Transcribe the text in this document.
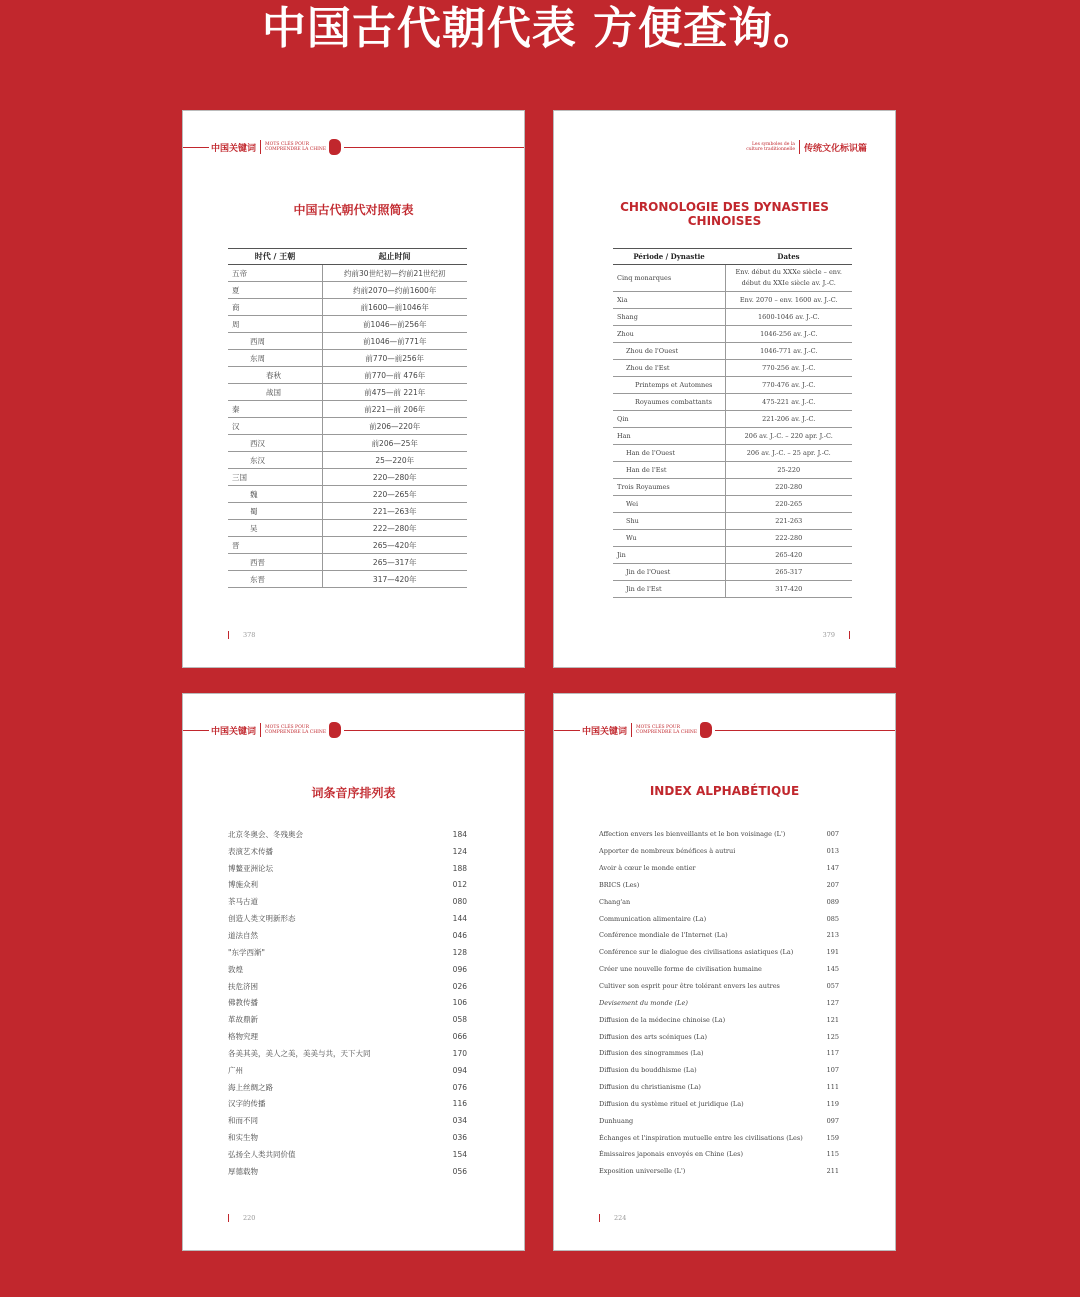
中国古代朝代表 方便查询。
中国关键词 MOTS CLÉS POUR
COMPRENDRE LA CHINE
中国古代朝代对照简表
时代 / 王朝	起止时间
五帝	约前30世纪初—约前21世纪初
夏	约前2070—约前1600年
商	前1600—前1046年
周	前1046—前256年
西周	前1046—前771年
东周	前770—前256年
春秋	前770—前 476年
战国	前475—前 221年
秦	前221—前 206年
汉	前206—220年
西汉	前206—25年
东汉	25—220年
三国	220—280年
魏	220—265年
蜀	221—263年
吴	222—280年
晋	265—420年
西晋	265—317年
东晋	317—420年
378
Les symboles de la
culture traditionnelle 传统文化标识篇
CHRONOLOGIE DES DYNASTIES
CHINOISES
Période / Dynastie	Dates
Cinq monarques	Env. début du XXXe siècle – env. début du XXIe siècle av. J.-C.
Xia	Env. 2070 – env. 1600 av. J.-C.
Shang	1600-1046 av. J.-C.
Zhou	1046-256 av. J.-C.
Zhou de l'Ouest	1046-771 av. J.-C.
Zhou de l'Est	770-256 av. J.-C.
Printemps et Automnes	770-476 av. J.-C.
Royaumes combattants	475-221 av. J.-C.
Qin	221-206 av. J.-C.
Han	206 av. J.-C. – 220 apr. J.-C.
Han de l'Ouest	206 av. J.-C. – 25 apr. J.-C.
Han de l'Est	25-220
Trois Royaumes	220-280
Wei	220-265
Shu	221-263
Wu	222-280
Jin	265-420
Jin de l'Ouest	265-317
Jin de l'Est	317-420
379
中国关键词 MOTS CLÉS POUR
COMPRENDRE LA CHINE
词条音序排列表
北京冬奥会、冬残奥会	184
表演艺术传播	124
博鳌亚洲论坛	188
博施众利	012
茶马古道	080
创造人类文明新形态	144
道法自然	046
"东学西渐"	128
敦煌	096
扶危济困	026
佛教传播	106
革故鼎新	058
格物究理	066
各美其美，美人之美，美美与共，天下大同	170
广州	094
海上丝绸之路	076
汉字的传播	116
和而不同	034
和实生物	036
弘扬全人类共同价值	154
厚德载物	056
220
中国关键词 MOTS CLÉS POUR
COMPRENDRE LA CHINE
INDEX ALPHABÉTIQUE
Affection envers les bienveillants et le bon voisinage (L')	007
Apporter de nombreux bénéfices à autrui	013
Avoir à cœur le monde entier	147
BRICS (Les)	207
Chang'an	089
Communication alimentaire (La)	085
Conférence mondiale de l'Internet (La)	213
Conférence sur le dialogue des civilisations asiatiques (La)	191
Créer une nouvelle forme de civilisation humaine	145
Cultiver son esprit pour être tolérant envers les autres	057
Devisement du monde (Le)	127
Diffusion de la médecine chinoise (La)	121
Diffusion des arts scéniques (La)	125
Diffusion des sinogrammes (La)	117
Diffusion du bouddhisme (La)	107
Diffusion du christianisme (La)	111
Diffusion du système rituel et juridique (La)	119
Dunhuang	097
Échanges et l'inspiration mutuelle entre les civilisations (Les)	159
Émissaires japonais envoyés en Chine (Les)	115
Exposition universelle (L')	211
224
